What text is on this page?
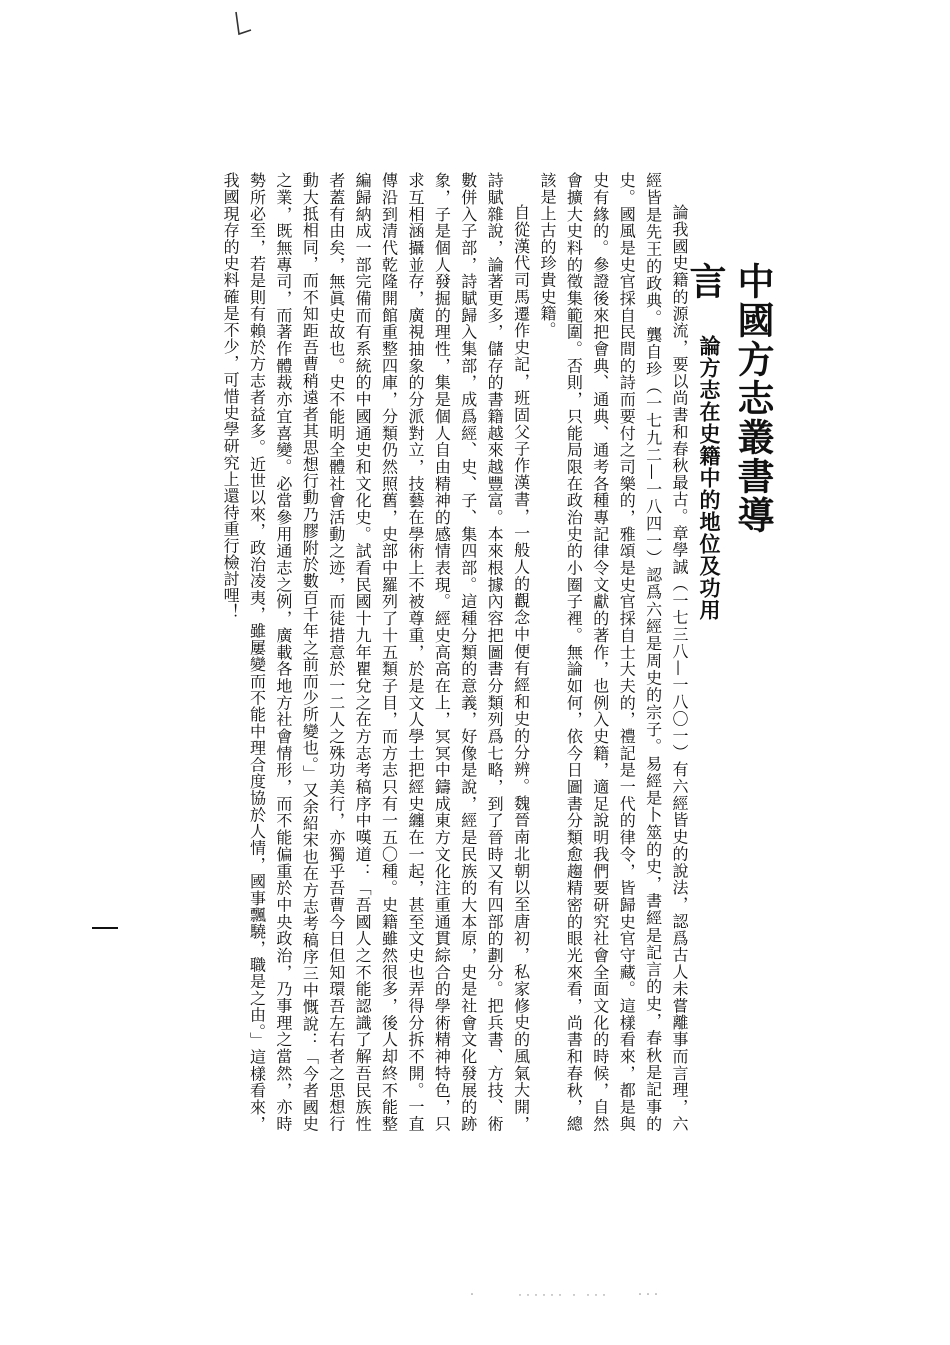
中國方志叢書導言
論方志在史籍中的地位及功用

論我國史籍的源流，要以尚書和春秋最古。章學誠（一七三八—一八〇一）有六經皆史的說法，認爲古人未嘗離事而言理，六經皆是先王的政典。龔自珍（一七九二—一八四一）認爲六經是周史的宗子。易經是卜筮的史，書經是記言的史，春秋是記事的史。國風是史官採自民間的詩而要付之司樂的，雅頌是史官採自士大夫的，禮記是一代的律令，皆歸史官守藏。這樣看來，都是與史有緣的。參證後來把會典、通典、通考各種專記律令文獻的著作，也例入史籍，適足說明我們要研究社會全面文化的時候，自然會擴大史料的徵集範圍。否則，只能局限在政治史的小圈子裡。無論如何，依今日圖書分類愈趨精密的眼光來看，尚書和春秋，總該是上古的珍貴史籍。

自從漢代司馬遷作史記，班固父子作漢書，一般人的觀念中便有經和史的分辨。魏晉南北朝以至唐初，私家修史的風氣大開，詩賦雜說，論著更多，儲存的書籍越來越豐富。本來根據內容把圖書分類列爲七略，到了晉時又有四部的劃分。把兵書、方技、術數併入子部，詩賦歸入集部，成爲經、史、子、集四部。這種分類的意義，好像是說，經是民族的大本原，史是社會文化發展的跡象，子是個人發掘的理性，集是個人自由精神的感情表現。經史高高在上，冥冥中鑄成東方文化注重通貫綜合的學術精神特色，只求互相涵攝並存，廣視抽象的分派對立，技藝在學術上不被尊重，於是文人學士把經史纏在一起，甚至文史也弄得分拆不開。一直傳沿到清代乾隆開館重整四庫，分類仍然照舊，史部中羅列了十五類子目，而方志只有一五〇種。史籍雖然很多，後人却終不能整編歸納成一部完備而有系統的中國通史和文化史。試看民國十九年瞿兌之在方志考稿序中嘆道：「吾國人之不能認識了解吾民族性者蓋有由矣，無眞史故也。史不能明全體社會活動之迹，而徒措意於一二人之殊功美行，亦獨乎吾曹今日但知環吾左右者之思想行動大抵相同，而不知距吾曹稍遠者其思想行動乃膠附於數百千年之前而少所變也。」又余紹宋也在方志考稿序三中慨說：「今者國史之業，既無專司，而著作體裁亦宜喜變。必當參用通志之例，廣載各地方社會情形，而不能偏重於中央政治，乃事理之當然，亦時勢所必至，若是則有賴於方志者益多。近世以來，政治凌夷，雖屢變而不能中理合度協於人情，國事飄驍，職是之由。」這樣看來，我國現存的史料確是不少，可惜史學研究上還待重行檢討哩！
